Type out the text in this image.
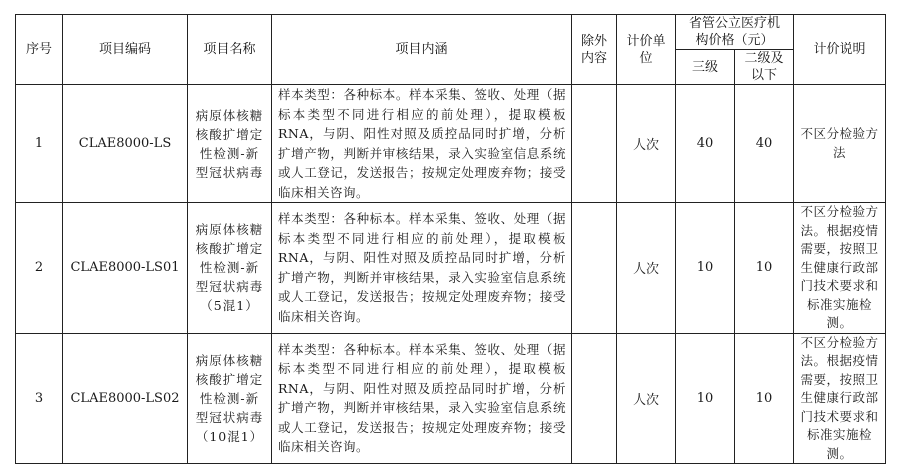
序号	项目编码	项目名称	项目内涵	除外内容	计价单位	省管公立医疗机构价格（元）		计价说明
						三级	二级及以下	
1	CLAE8000-LS	病原体核糖核酸扩增定性检测-新型冠状病毒	样本类型：各种标本。样本采集、签收、处理（据标本类型不同进行相应的前处理），提取模板RNA，与阴、阳性对照及质控品同时扩增，分析扩增产物，判断并审核结果，录入实验室信息系统或人工登记，发送报告；按规定处理废弃物；接受临床相关咨询。		人次	40	40	不区分检验方法
2	CLAE8000-LS01	病原体核糖核酸扩增定性检测-新型冠状病毒（5混1）	样本类型：各种标本。样本采集、签收、处理（据标本类型不同进行相应的前处理），提取模板RNA，与阴、阳性对照及质控品同时扩增，分析扩增产物，判断并审核结果，录入实验室信息系统或人工登记，发送报告；按规定处理废弃物；接受临床相关咨询。		人次	10	10	不区分检验方法。根据疫情需要，按照卫生健康行政部门技术要求和标准实施检测。
3	CLAE8000-LS02	病原体核糖核酸扩增定性检测-新型冠状病毒（10混1）	样本类型：各种标本。样本采集、签收、处理（据标本类型不同进行相应的前处理），提取模板RNA，与阴、阳性对照及质控品同时扩增，分析扩增产物，判断并审核结果，录入实验室信息系统或人工登记，发送报告；按规定处理废弃物；接受临床相关咨询。		人次	10	10	不区分检验方法。根据疫情需要，按照卫生健康行政部门技术要求和标准实施检测。
